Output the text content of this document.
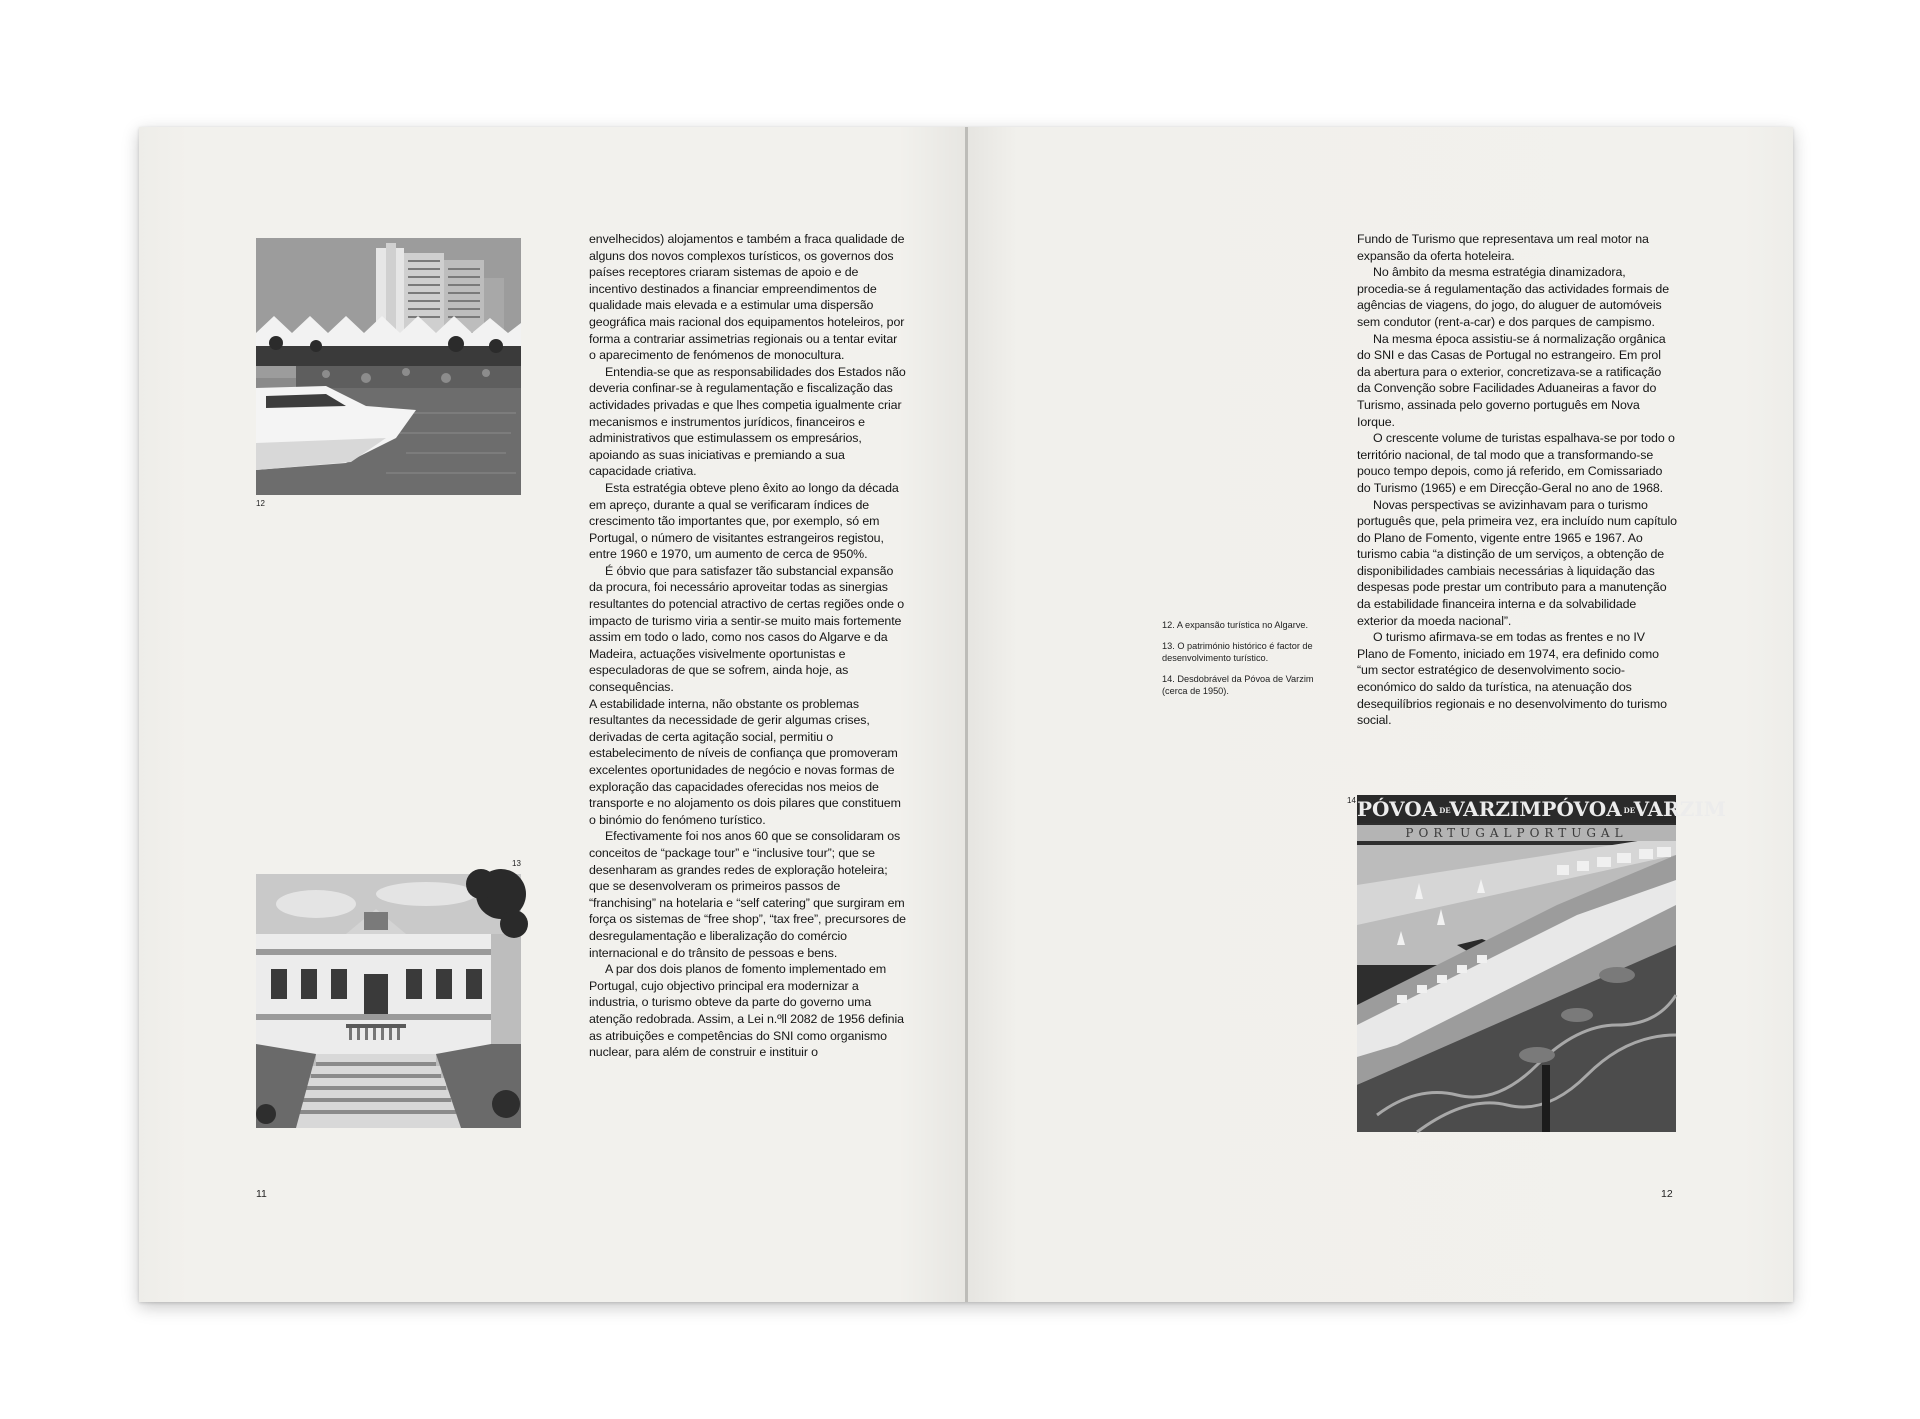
12
13

envelhecidos) alojamentos e também a fraca qualidade de alguns dos novos complexos turísticos, os governos dos países receptores criaram sistemas de apoio e de incentivo destinados a financiar empreendimentos de qualidade mais elevada e a estimular uma dispersão geográfica mais racional dos equipamentos hoteleiros, por forma a contrariar assimetrias regionais ou a tentar evitar o aparecimento de fenómenos de monocultura.

Entendia-se que as responsabilidades dos Estados não deveria confinar-se à regulamentação e fiscalização das actividades privadas e que lhes competia igualmente criar mecanismos e instrumentos jurídicos, financeiros e administrativos que estimulassem os empresários, apoiando as suas iniciativas e premiando a sua capacidade criativa.

Esta estratégia obteve pleno êxito ao longo da década em apreço, durante a qual se verificaram índices de crescimento tão importantes que, por exemplo, só em Portugal, o número de visitantes estrangeiros registou, entre 1960 e 1970, um aumento de cerca de 950%.

É óbvio que para satisfazer tão substancial expansão da procura, foi necessário aproveitar todas as sinergias resultantes do potencial atractivo de certas regiões onde o impacto de turismo viria a sentir-se muito mais fortemente assim em todo o lado, como nos casos do Algarve e da Madeira, actuações visivelmente oportunistas e especuladoras de que se sofrem, ainda hoje, as consequências.

A estabilidade interna, não obstante os problemas resultantes da necessidade de gerir algumas crises, derivadas de certa agitação social, permitiu o estabelecimento de níveis de confiança que promoveram excelentes oportunidades de negócio e novas formas de exploração das capacidades oferecidas nos meios de transporte e no alojamento os dois pilares que constituem o binómio do fenómeno turístico.

Efectivamente foi nos anos 60 que se consolidaram os conceitos de “package tour” e “inclusive tour”; que se desenharam as grandes redes de exploração hoteleira; que se desenvolveram os primeiros passos de “franchising” na hotelaria e “self catering” que surgiram em força os sistemas de “free shop”, “tax free”, precursores de desregulamentação e liberalização do comércio internacional e do trânsito de pessoas e bens.

A par dos dois planos de fomento implementado em Portugal, cujo objectivo principal era modernizar a industria, o turismo obteve da parte do governo uma atenção redobrada. Assim, a Lei n.ºll 2082 de 1956 definia as atribuições e competências do SNI como organismo nuclear, para além de construir e instituir o

11

Fundo de Turismo que representava um real motor na expansão da oferta hoteleira.

No âmbito da mesma estratégia dinamizadora, procedia-se á regulamentação das actividades formais de agências de viagens, do jogo, do aluguer de automóveis sem condutor (rent-a-car) e dos parques de campismo.

Na mesma época assistiu-se á normalização orgânica do SNI e das Casas de Portugal no estrangeiro. Em prol da abertura para o exterior, concretizava-se a ratificação da Convenção sobre Facilidades Aduaneiras a favor do Turismo, assinada pelo governo português em Nova Iorque.

O crescente volume de turistas espalhava-se por todo o território nacional, de tal modo que a transformando-se pouco tempo depois, como já referido, em Comissariado do Turismo (1965) e em Direcção-Geral no ano de 1968.

Novas perspectivas se avizinhavam para o turismo português que, pela primeira vez, era incluído num capítulo do Plano de Fomento, vigente entre 1965 e 1967. Ao turismo cabia “a distinção de um serviços, a obtenção de disponibilidades cambiais necessárias à liquidação das despesas pode prestar um contributo para a manutenção da estabilidade financeira interna e da solvabilidade exterior da moeda nacional”.

O turismo afirmava-se em todas as frentes e no IV Plano de Fomento, iniciado em 1974, era definido como “um sector estratégico de desenvolvimento socio-económico do saldo da turística, na atenuação dos desequilíbrios regionais e no desenvolvimento do turismo social.

14 PÓVOA DEVARZIM PÓVOA DEVARZIM
PORTUGALPORTUGAL
12

12. A expansão turística no Algarve.

13. O património histórico é factor de desenvolvimento turístico.

14. Desdobrável da Póvoa de Varzim (cerca de 1950).
